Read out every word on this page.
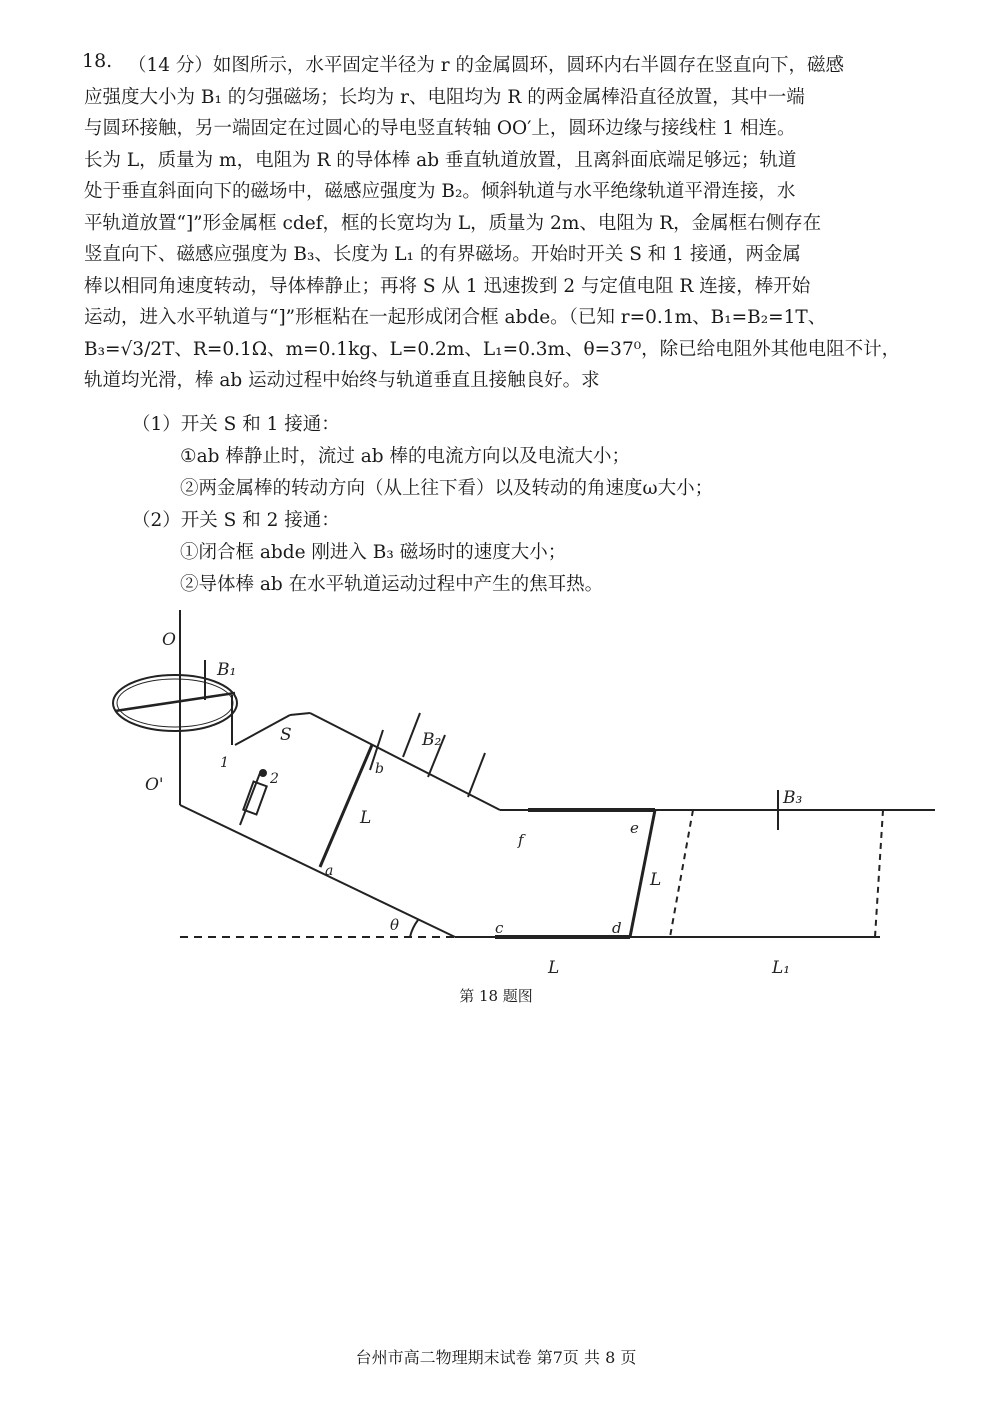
18. （14 分）如图所示，水平固定半径为 r 的金属圆环，圆环内右半圆存在竖直向下，磁感
应强度大小为 B₁ 的匀强磁场；长均为 r、电阻均为 R 的两金属棒沿直径放置，其中一端
与圆环接触，另一端固定在过圆心的导电竖直转轴 OO′上，圆环边缘与接线柱 1 相连。
长为 L，质量为 m，电阻为 R 的导体棒 ab 垂直轨道放置，且离斜面底端足够远；轨道
处于垂直斜面向下的磁场中，磁感应强度为 B₂。倾斜轨道与水平绝缘轨道平滑连接，水
平轨道放置“]”形金属框 cdef，框的长宽均为 L，质量为 2m、电阻为 R，金属框右侧存在
竖直向下、磁感应强度为 B₃、长度为 L₁ 的有界磁场。开始时开关 S 和 1 接通，两金属
棒以相同角速度转动，导体棒静止；再将 S 从 1 迅速拨到 2 与定值电阻 R 连接，棒开始
运动，进入水平轨道与“]”形框粘在一起形成闭合框 abde。（已知 r=0.1m、B₁=B₂=1T、
B₃=√3/2T、R=0.1Ω、m=0.1kg、L=0.2m、L₁=0.3m、θ=37⁰，除已给电阻外其他电阻不计，
轨道均光滑，棒 ab 运动过程中始终与轨道垂直且接触良好。求
（1）开关 S 和 1 接通：
①ab 棒静止时，流过 ab 棒的电流方向以及电流大小；
②两金属棒的转动方向（从上往下看）以及转动的角速度ω大小；
（2）开关 S 和 2 接通：
①闭合框 abde 刚进入 B₃ 磁场时的速度大小；
②导体棒 ab 在水平轨道运动过程中产生的焦耳热。
O
O'
B₁
B₂
B₃
S
1
2
b
a
L
f
e
c	d
L
θ
L	L₁
第 18 题图
台州市高二物理期末试卷 第7页 共 8 页
